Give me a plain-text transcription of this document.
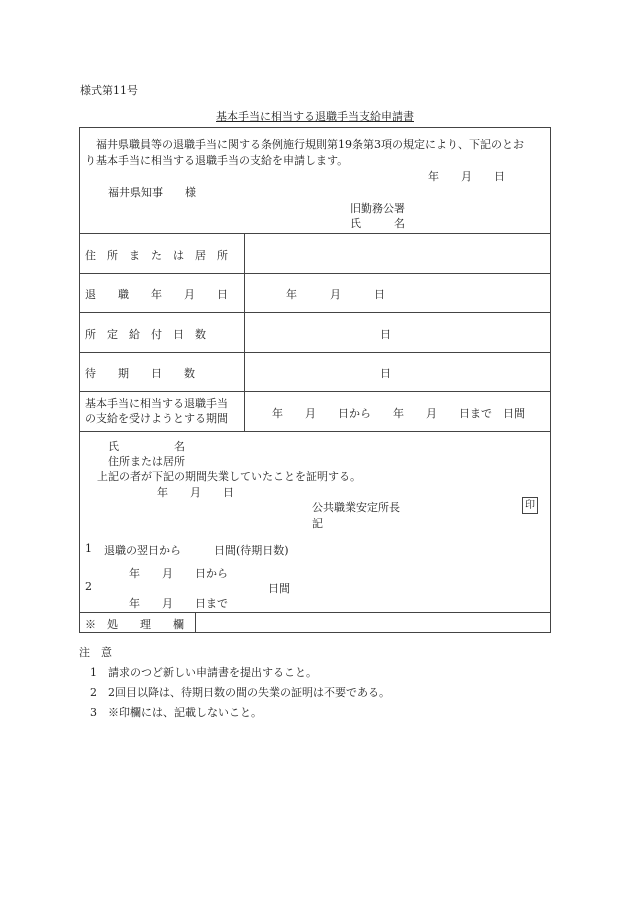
様式第11号
基本手当に相当する退職手当支給申請書
福井県職員等の退職手当に関する条例施行規則第19条第3項の規定により、下記のとお
り基本手当に相当する退職手当の支給を申請します。
年　　月　　日
福井県知事　　様
旧勤務公署
氏　　　名
住　所　ま　た　は　居　所
退　　職　　年　　月　　日	年　　　月　　　日
所　定　給　付　日　数	日
待　　期　　日　　数	日
基本手当に相当する退職手当
の支給を受けようとする期間	年　　月　　日から　　年　　月　　日まで　日間
氏　　　　　名
住所または居所
上記の者が下記の期間失業していたことを証明する。
年　　月　　日
公共職業安定所長	印
記
1 退職の翌日から　　　日間(待期日数)
年　　月　　日から
2	日間
年　　月　　日まで
※　処　　理　　欄
注　意
1　請求のつど新しい申請書を提出すること。
2　2回目以降は、待期日数の間の失業の証明は不要である。
3　※印欄には、記載しないこと。
